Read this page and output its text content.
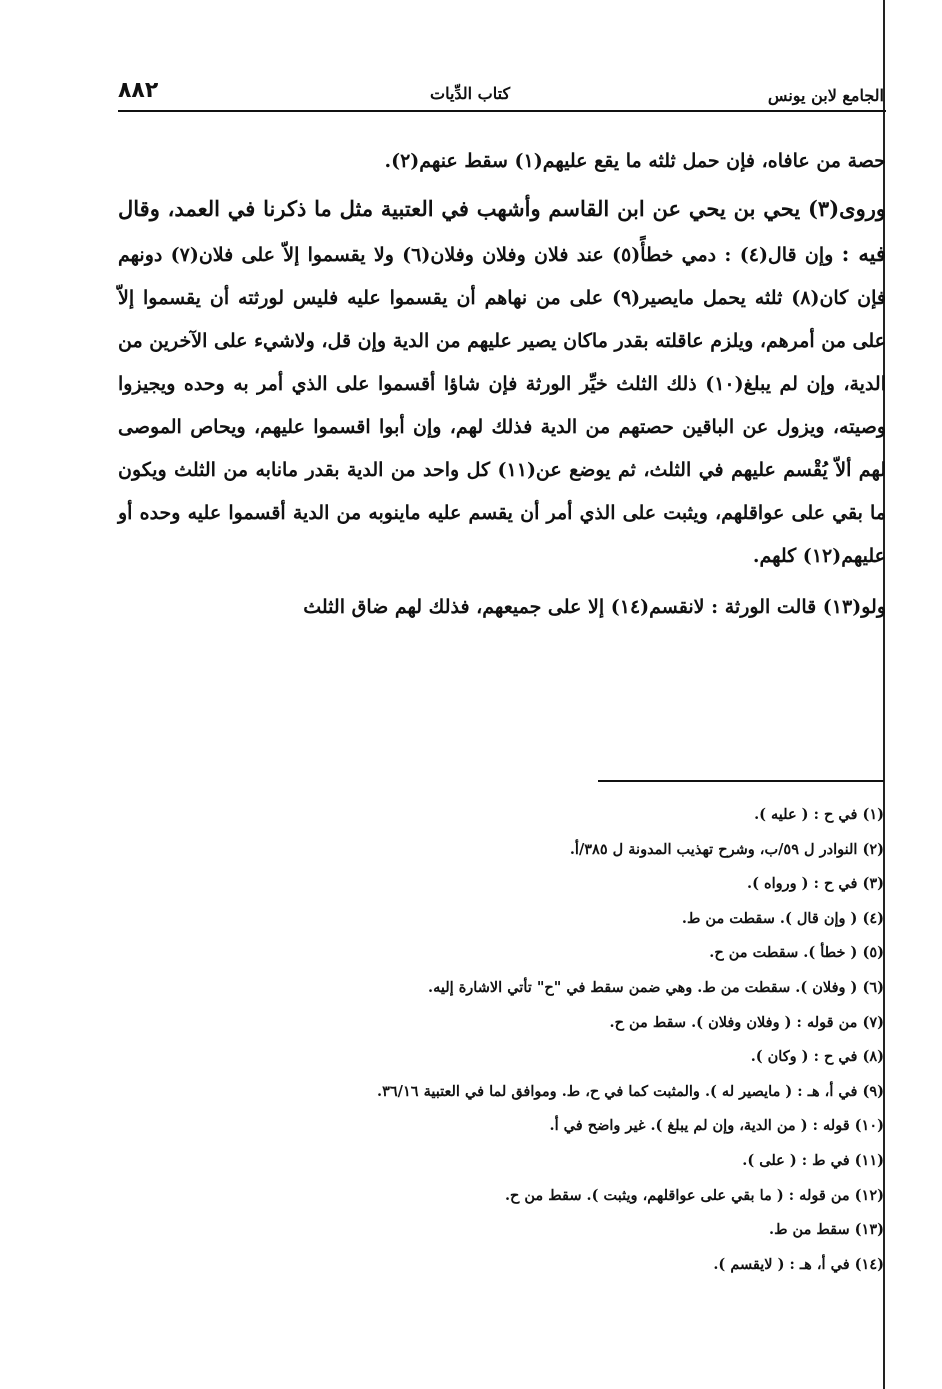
٨٨٢	كتاب الدِّيات	الجامع لابن يونس

حصة من عافاه، فإن حمل ثلثه ما يقع عليهم(١) سقط عنهم(٢).

وروى(٣) يحي بن يحي عن ابن القاسم وأشهب في العتبية مثل ما ذكرنا في العمد، وقال فيه : وإن قال(٤) : دمي خطأً(٥) عند فلان وفلان وفلان(٦) ولا يقسموا إلاّ على فلان(٧) دونهم فإن كان(٨) ثلثه يحمل مايصير(٩) على من نهاهم أن يقسموا عليه فليس لورثته أن يقسموا إلاّ على من أمرهم، ويلزم عاقلته بقدر ماكان يصير عليهم من الدية وإن قل، ولاشيء على الآخرين من الدية، وإن لم يبلغ(١٠) ذلك الثلث خيِّر الورثة فإن شاؤا أقسموا على الذي أمر به وحده ويجيزوا وصيته، ويزول عن الباقين حصتهم من الدية فذلك لهم، وإن أبوا اقسموا عليهم، ويحاص الموصى لهم ألاّ يُقْسم عليهم في الثلث، ثم يوضع عن(١١) كل واحد من الدية بقدر مانابه من الثلث ويكون ما بقي على عواقلهم، ويثبت على الذي أمر أن يقسم عليه ماينوبه من الدية أقسموا عليه وحده أو عليهم(١٢) كلهم.

ولو(١٣) قالت الورثة : لانقسم(١٤) إلا على جميعهم، فذلك لهم ضاق الثلث

(١) في ح : ( عليه ).
(٢) النوادر ل ٥٩/ب، وشرح تهذيب المدونة ل ٣٨٥/أ.
(٣) في ح : ( ورواه ).
(٤) ( وإن قال ). سقطت من ط.
(٥) ( خطأ ). سقطت من ح.
(٦) ( وفلان ). سقطت من ط. وهي ضمن سقط في "ح" تأتي الاشارة إليه.
(٧) من قوله : ( وفلان وفلان ). سقط من ح.
(٨) في ح : ( وكان ).
(٩) في أ، هـ : ( مايصير له ). والمثبت كما في ح، ط. وموافق لما في العتبية ٣٦/١٦.
(١٠) قوله : ( من الدية، وإن لم يبلغ ). غير واضح في أ.
(١١) في ط : ( على ).
(١٢) من قوله : ( ما بقي على عواقلهم، ويثبت ). سقط من ح.
(١٣) سقط من ط.
(١٤) في أ، هـ : ( لايقسم ).
